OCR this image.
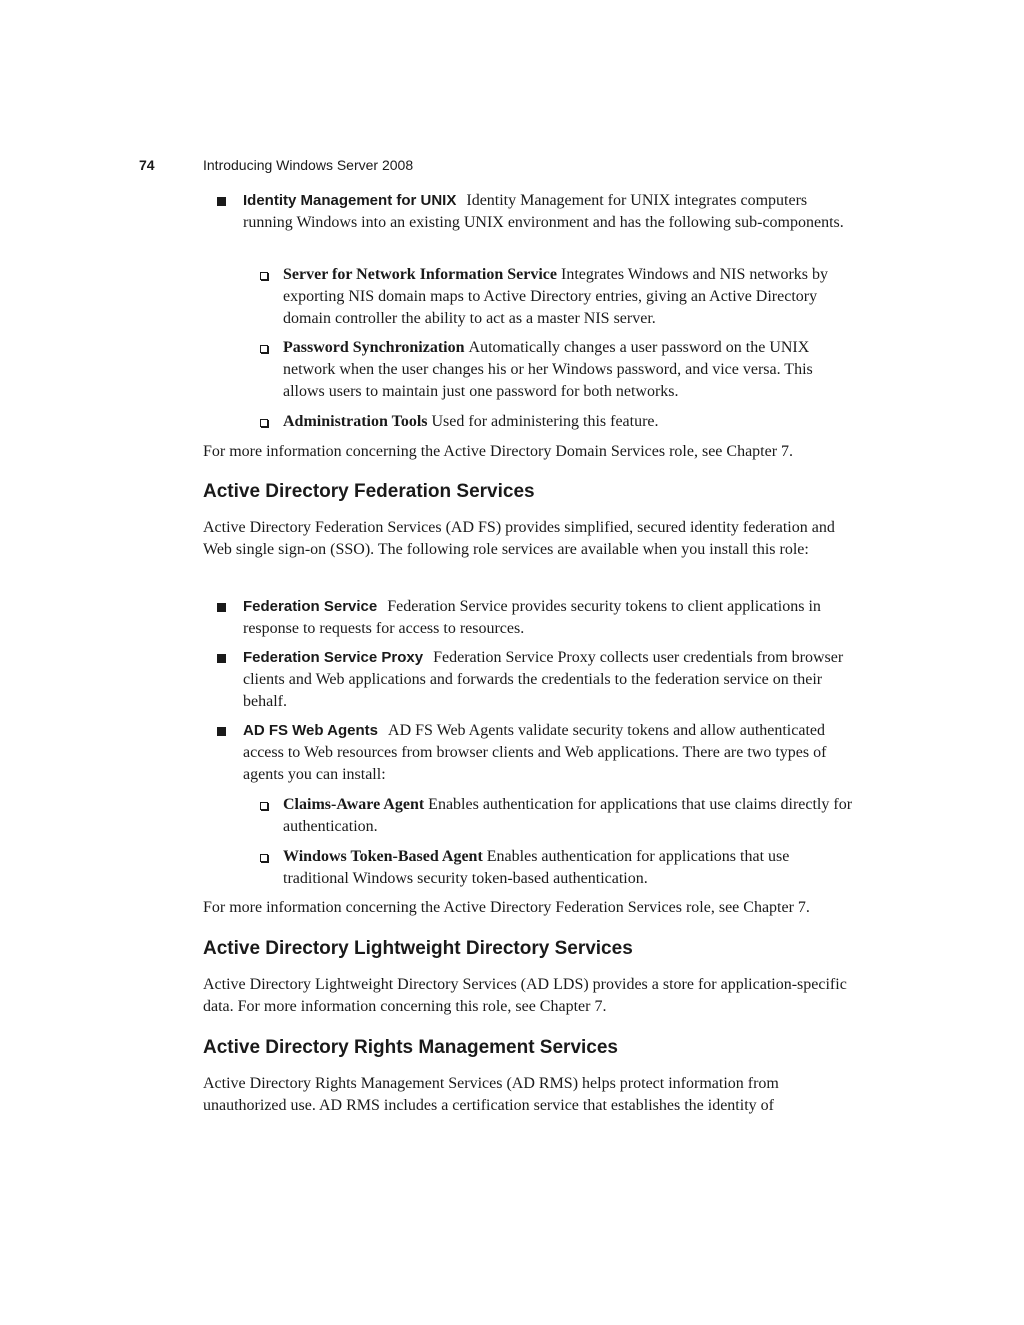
74	Introducing Windows Server 2008
Identity Management for UNIX Identity Management for UNIX integrates computers running Windows into an existing UNIX environment and has the following sub-components.
Server for Network Information Service Integrates Windows and NIS networks by exporting NIS domain maps to Active Directory entries, giving an Active Directory domain controller the ability to act as a master NIS server.
Password Synchronization Automatically changes a user password on the UNIX network when the user changes his or her Windows password, and vice versa. This allows users to maintain just one password for both networks.
Administration Tools Used for administering this feature.
For more information concerning the Active Directory Domain Services role, see Chapter 7.
Active Directory Federation Services
Active Directory Federation Services (AD FS) provides simplified, secured identity federation and Web single sign-on (SSO). The following role services are available when you install this role:
Federation Service Federation Service provides security tokens to client applications in response to requests for access to resources.
Federation Service Proxy Federation Service Proxy collects user credentials from browser clients and Web applications and forwards the credentials to the federation service on their behalf.
AD FS Web Agents AD FS Web Agents validate security tokens and allow authenticated access to Web resources from browser clients and Web applications. There are two types of agents you can install:
Claims-Aware Agent Enables authentication for applications that use claims directly for authentication.
Windows Token-Based Agent Enables authentication for applications that use traditional Windows security token-based authentication.
For more information concerning the Active Directory Federation Services role, see Chapter 7.
Active Directory Lightweight Directory Services
Active Directory Lightweight Directory Services (AD LDS) provides a store for application-specific data. For more information concerning this role, see Chapter 7.
Active Directory Rights Management Services
Active Directory Rights Management Services (AD RMS) helps protect information from unauthorized use. AD RMS includes a certification service that establishes the identity of
